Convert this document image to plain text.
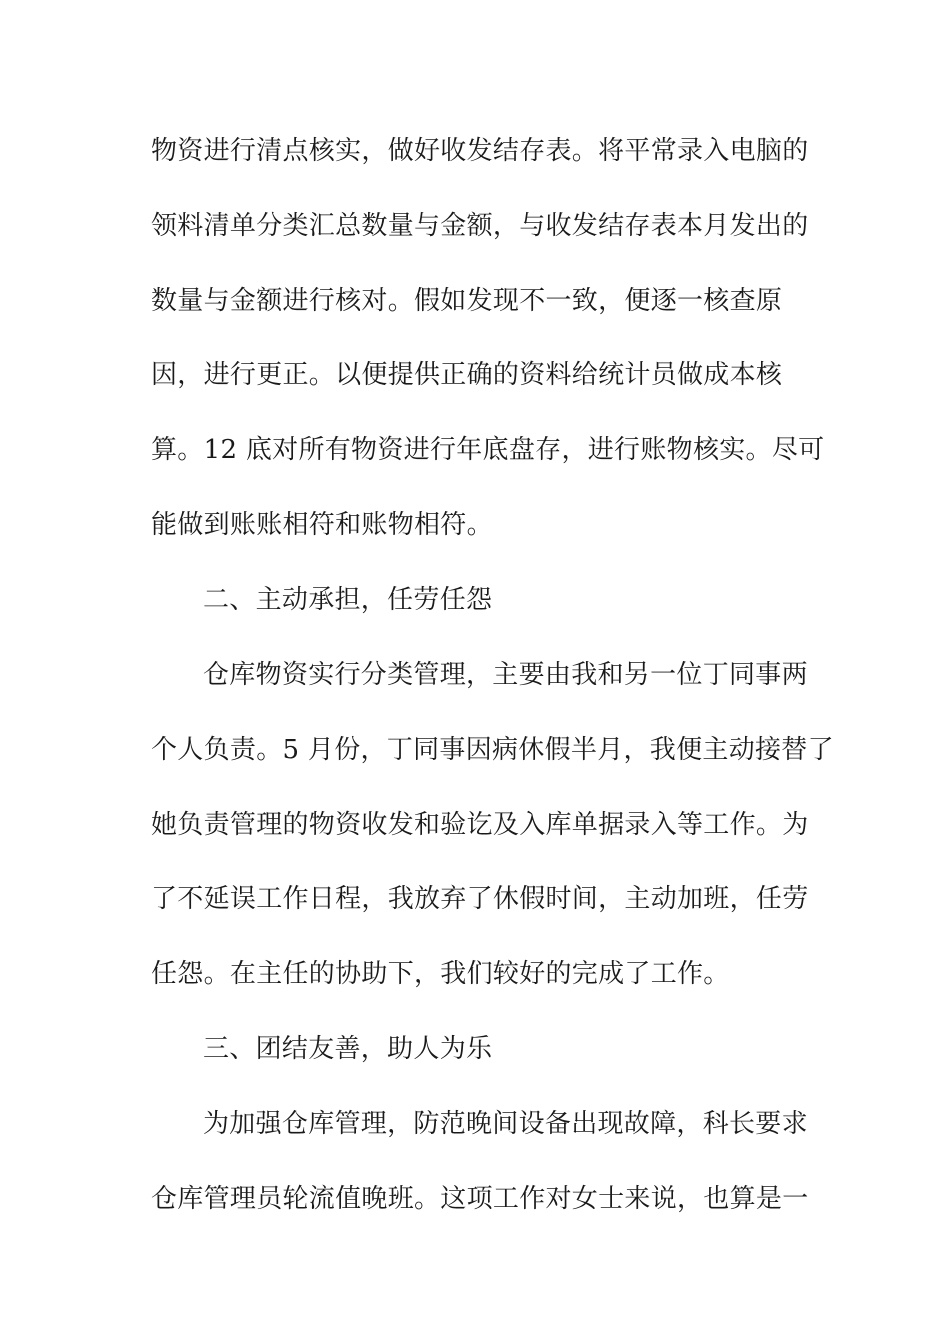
物资进行清点核实，做好收发结存表。将平常录入电脑的
领料清单分类汇总数量与金额，与收发结存表本月发出的
数量与金额进行核对。假如发现不一致，便逐一核查原
因，进行更正。以便提供正确的资料给统计员做成本核
算。12 底对所有物资进行年底盘存，进行账物核实。尽可
能做到账账相符和账物相符。
二、主动承担，任劳任怨
仓库物资实行分类管理，主要由我和另一位丁同事两
个人负责。5 月份，丁同事因病休假半月，我便主动接替了
她负责管理的物资收发和验讫及入库单据录入等工作。为
了不延误工作日程，我放弃了休假时间，主动加班，任劳
任怨。在主任的协助下，我们较好的完成了工作。
三、团结友善，助人为乐
为加强仓库管理，防范晚间设备出现故障，科长要求
仓库管理员轮流值晚班。这项工作对女士来说，也算是一
